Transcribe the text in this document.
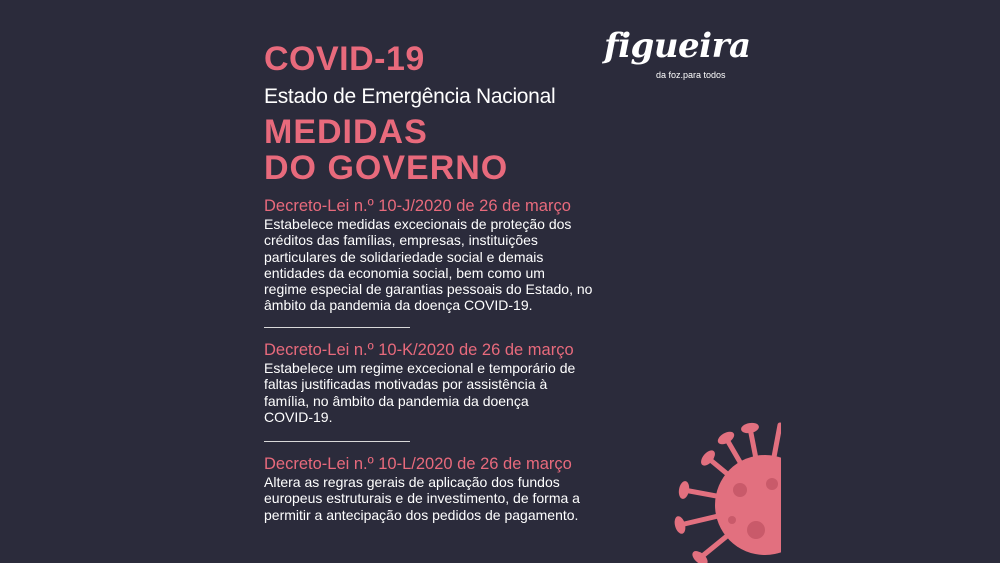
COVID-19
Estado de Emergência Nacional
MEDIDAS
DO GOVERNO
figueira
da foz.para todos
Decreto-Lei n.º 10-J/2020 de 26 de março
Estabelece medidas excecionais de proteção dos
créditos das famílias, empresas, instituições
particulares de solidariedade social e demais
entidades da economia social, bem como um
regime especial de garantias pessoais do Estado, no
âmbito da pandemia da doença COVID-19.
Decreto-Lei n.º 10-K/2020 de 26 de março
Estabelece um regime excecional e temporário de
faltas justificadas motivadas por assistência à
família, no âmbito da pandemia da doença
COVID-19.
Decreto-Lei n.º 10-L/2020 de 26 de março
Altera as regras gerais de aplicação dos fundos
europeus estruturais e de investimento, de forma a
permitir a antecipação dos pedidos de pagamento.
